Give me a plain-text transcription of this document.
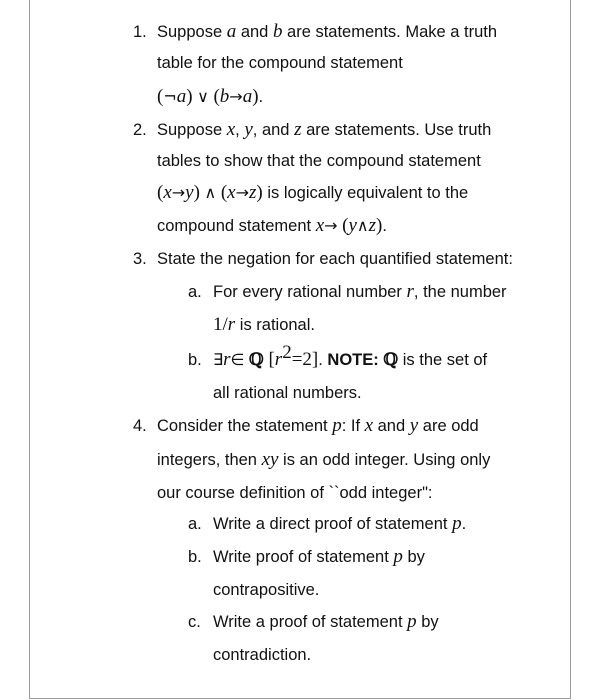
1. Suppose a and b are statements. Make a truth
table for the compound statement
(¬a) ∨ (b→a).
2. Suppose x, y, and z are statements. Use truth
tables to show that the compound statement
(x→y) ∧ (x→z) is logically equivalent to the
compound statement x→ (y∧z).
3. State the negation for each quantified statement:
a. For every rational number r, the number
1/r is rational.
b. ∃r∈ ℚ $[r^2=2]$. NOTE: ℚ is the set of
all rational numbers.
4. Consider the statement p: If x and y are odd
integers, then xy is an odd integer. Using only
our course definition of ``odd integer":
a. Write a direct proof of statement p.
b. Write proof of statement p by
contrapositive.
c. Write a proof of statement p by
contradiction.
